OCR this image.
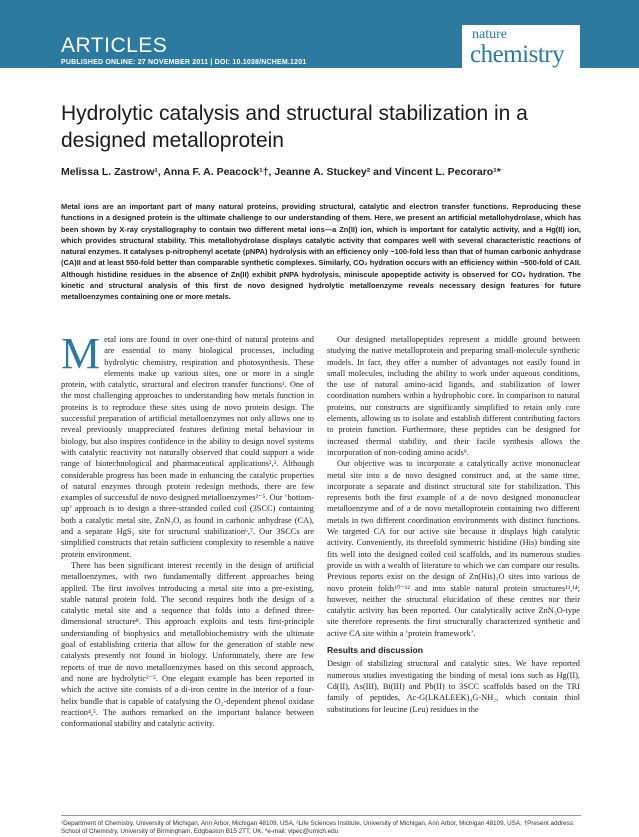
ARTICLES
PUBLISHED ONLINE: 27 NOVEMBER 2011 | DOI: 10.1038/NCHEM.1201
nature
chemistry
Hydrolytic catalysis and structural stabilization in a designed metalloprotein
Melissa L. Zastrow¹, Anna F. A. Peacock¹†, Jeanne A. Stuckey² and Vincent L. Pecoraro¹*
Metal ions are an important part of many natural proteins, providing structural, catalytic and electron transfer functions. Reproducing these functions in a designed protein is the ultimate challenge to our understanding of them. Here, we present an artificial metallohydrolase, which has been shown by X-ray crystallography to contain two different metal ions—a Zn(II) ion, which is important for catalytic activity, and a Hg(II) ion, which provides structural stability. This metallohydrolase displays catalytic activity that compares well with several characteristic reactions of natural enzymes. It catalyses p-nitrophenyl acetate (pNPA) hydrolysis with an efficiency only ~100-fold less than that of human carbonic anhydrase (CA)II and at least 550-fold better than comparable synthetic complexes. Similarly, CO₂ hydration occurs with an efficiency within ~500-fold of CAII. Although histidine residues in the absence of Zn(II) exhibit pNPA hydrolysis, miniscule apopeptide activity is observed for CO₂ hydration. The kinetic and structural analysis of this first de novo designed hydrolytic metalloenzyme reveals necessary design features for future metalloenzymes containing one or more metals.

Metal ions are found in over one-third of natural proteins and are essential to many biological processes, including hydrolytic chemistry, respiration and photosynthesis. These elements make up various sites, one or more in a single protein, with catalytic, structural and electron transfer functions¹. One of the most challenging approaches to understanding how metals function in proteins is to reproduce these sites using de novo protein design. The successful preparation of artificial metalloenzymes not only allows one to reveal previously unappreciated features defining metal behaviour in biology, but also inspires confidence in the ability to design novel systems with catalytic reactivity not naturally observed that could support a wide range of biotechnological and pharmaceutical applications²,³. Although considerable progress has been made in enhancing the catalytic properties of natural enzymes through protein redesign methods, there are few examples of successful de novo designed metalloenzymes²⁻⁵. Our ‘bottom-up’ approach is to design a three-stranded coiled coil (3SCC) containing both a catalytic metal site, ZnN₃O, as found in carbonic anhydrase (CA), and a separate HgS₃ site for structural stabilization⁶,⁷. Our 3SCCs are simplified constructs that retain sufficient complexity to resemble a native protein environment.

There has been significant interest recently in the design of artificial metalloenzymes, with two fundamentally different approaches being applied. The first involves introducing a metal site into a pre-existing, stable natural protein fold. The second requires both the design of a catalytic metal site and a sequence that folds into a defined three-dimensional structure⁸. This approach exploits and tests first-principle understanding of biophysics and metallobiochemistry with the ultimate goal of establishing criteria that allow for the generation of stable new catalysts presently not found in biology. Unfortunately, there are few reports of true de novo metalloenzymes based on this second approach, and none are hydrolytic²⁻⁵. One elegant example has been reported in which the active site consists of a di-iron centre in the interior of a four-helix bundle that is capable of catalysing the O₂-dependent phenol oxidase reaction⁴,⁵. The authors remarked on the important balance between conformational stability and catalytic activity.

Our designed metallopeptides represent a middle ground between studying the native metalloprotein and preparing small-molecule synthetic models. In fact, they offer a number of advantages not easily found in small molecules, including the ability to work under aqueous conditions, the use of natural amino-acid ligands, and stabilization of lower coordination numbers within a hydrophobic core. In comparison to natural proteins, our constructs are significantly simplified to retain only core elements, allowing us to isolate and establish different contributing factors to protein function. Furthermore, these peptides can be designed for increased thermal stability, and their facile synthesis allows the incorporation of non-coding amino acids⁹.

Our objective was to incorporate a catalytically active mononuclear metal site into a de novo designed construct and, at the same time, incorporate a separate and distinct structural site for stabilization. This represents both the first example of a de novo designed mononuclear metalloenzyme and of a de novo metalloprotein containing two different metals in two different coordination environments with distinct functions. We targeted CA for our active site because it displays high catalytic activity. Conveniently, its threefold symmetric histidine (His) binding site fits well into the designed coiled coil scaffolds, and its numerous studies provide us with a wealth of literature to which we can compare our results. Previous reports exist on the design of Zn(His)₃O sites into various de novo protein folds¹⁰⁻¹² and into stable natural protein structures¹³,¹⁴; however, neither the structural elucidation of these centres nor their catalytic activity has been reported. Our catalytically active ZnN₃O-type site therefore represents the first structurally characterized synthetic and active CA site within a ‘protein framework’.

Results and discussion

Design of stabilizing structural and catalytic sites. We have reported numerous studies investigating the binding of metal ions such as Hg(II), Cd(II), As(III), Bi(III) and Pb(II) to 3SCC scaffolds based on the TRI family of peptides, Ac-G(LKALEEK)₄G-NH₂, which contain thiol substitutions for leucine (Leu) residues in the

¹Department of Chemistry, University of Michigan, Ann Arbor, Michigan 48109, USA, ²Life Sciences Institute, University of Michigan, Ann Arbor, Michigan 48109, USA, †Present address: School of Chemistry, University of Birmingham, Edgbaston B15 2TT, UK. *e-mail: vlpec@umich.edu
